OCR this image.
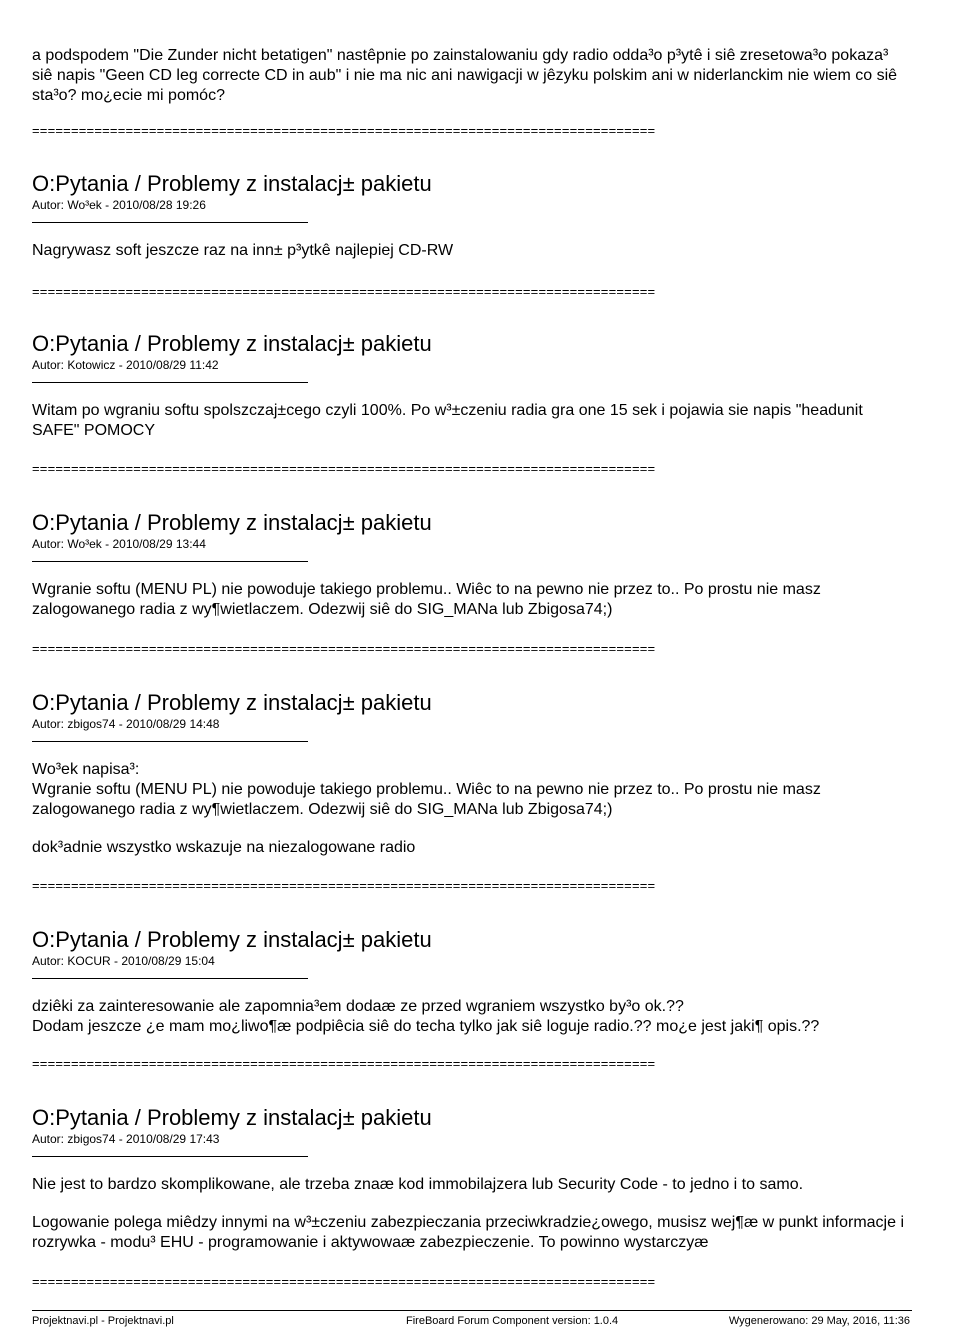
a podspodem "Die Zunder nicht betatigen" nastêpnie po zainstalowaniu gdy radio odda³o p³ytê i siê zresetowa³o pokaza³ siê napis "Geen CD leg correcte CD in aub" i nie ma nic ani nawigacji w jêzyku polskim ani w niderlanckim nie wiem co siê sta³o? mo¿ecie mi pomóc?
================================================================================
O:Pytania / Problemy z instalacj± pakietu
Autor: Wo³ek - 2010/08/28 19:26

Nagrywasz soft jeszcze raz na inn± p³ytkê najlepiej CD-RW

================================================================================
O:Pytania / Problemy z instalacj± pakietu
Autor: Kotowicz - 2010/08/29 11:42

Witam po wgraniu softu spolszczaj±cego czyli 100%. Po w³±czeniu radia gra one 15 sek i pojawia sie napis "headunit SAFE" POMOCY

================================================================================
O:Pytania / Problemy z instalacj± pakietu
Autor: Wo³ek - 2010/08/29 13:44

Wgranie softu (MENU PL) nie powoduje takiego problemu.. Wiêc to na pewno nie przez to.. Po prostu nie masz zalogowanego radia z wy¶wietlaczem. Odezwij siê do SIG_MANa lub Zbigosa74;)

================================================================================
O:Pytania / Problemy z instalacj± pakietu
Autor: zbigos74 - 2010/08/29 14:48

Wo³ek napisa³:
Wgranie softu (MENU PL) nie powoduje takiego problemu.. Wiêc to na pewno nie przez to.. Po prostu nie masz zalogowanego radia z wy¶wietlaczem. Odezwij siê do SIG_MANa lub Zbigosa74;)

dok³adnie wszystko wskazuje na niezalogowane radio

================================================================================
O:Pytania / Problemy z instalacj± pakietu
Autor: KOCUR - 2010/08/29 15:04

dziêki za zainteresowanie ale zapomnia³em dodaæ ze przed wgraniem wszystko by³o ok.??
Dodam jeszcze ¿e mam mo¿liwo¶æ podpiêcia siê do techa tylko jak siê loguje radio.?? mo¿e jest jaki¶ opis.??

================================================================================
O:Pytania / Problemy z instalacj± pakietu
Autor: zbigos74 - 2010/08/29 17:43

Nie jest to bardzo skomplikowane, ale trzeba znaæ kod immobilajzera lub Security Code - to jedno i to samo.

Logowanie polega miêdzy innymi na w³±czeniu zabezpieczania przeciwkradzie¿owego, musisz wej¶æ w punkt informacje i rozrywka - modu³ EHU - programowanie i aktywowaæ zabezpieczenie. To powinno wystarczyæ

================================================================================
Projektnavi.pl - Projektnavi.pl	FireBoard Forum Component version: 1.0.4	Wygenerowano: 29 May, 2016, 11:36
